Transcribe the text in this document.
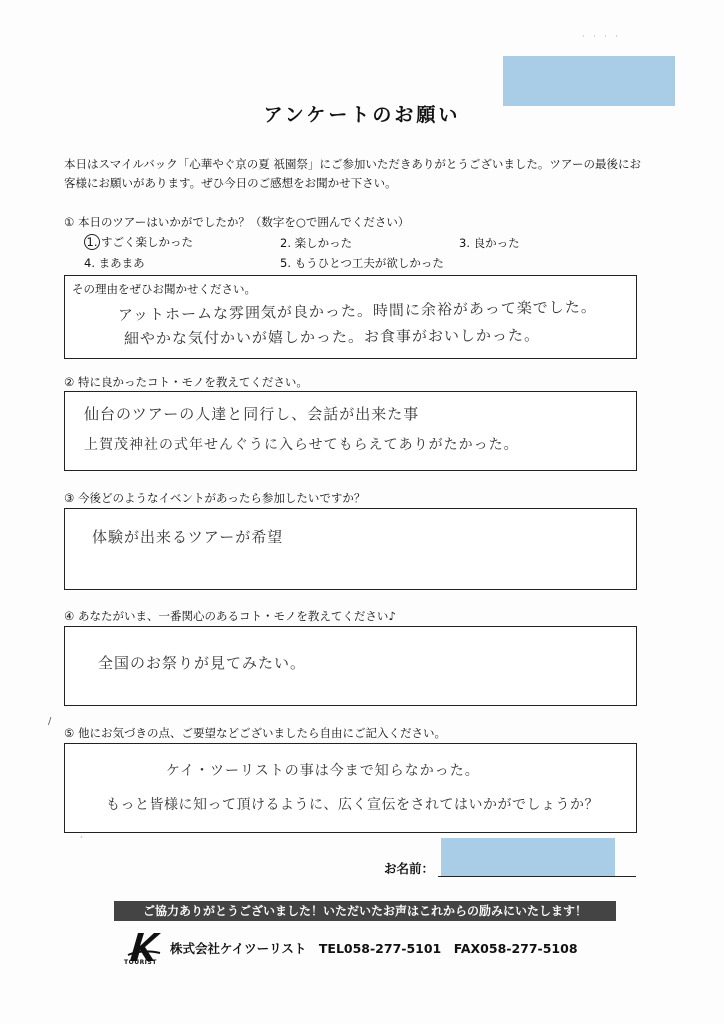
· · · ·
アンケートのお願い
本日はスマイルバック「心華やぐ京の夏 祇園祭」にご参加いただきありがとうございました。ツアーの最後にお
客様にお願いがあります。ぜひ今日のご感想をお聞かせ下さい。
① 本日のツアーはいかがでしたか？（数字を○で囲んでください）
1. すごく楽しかった	2. 楽しかった	3. 良かった
4. まあまあ	5. もうひとつ工夫が欲しかった
その理由をぜひお聞かせください。
アットホームな雰囲気が良かった。時間に余裕があって楽でした。
細やかな気付かいが嬉しかった。お食事がおいしかった。
② 特に良かったコト・モノを教えてください。
仙台のツアーの人達と同行し、会話が出来た事
上賀茂神社の式年せんぐうに入らせてもらえてありがたかった。
③ 今後どのようなイベントがあったら参加したいですか？
体験が出来るツアーが希望
④ あなたがいま、一番関心のあるコト・モノを教えてください♪
全国のお祭りが見てみたい。
/
⑤ 他にお気づきの点、ご要望などございましたら自由にご記入ください。
ケイ・ツーリストの事は今まで知らなかった。
もっと皆様に知って頂けるように、広く宣伝をされてはいかがでしょうか？
·
お名前：
ご協力ありがとうございました！いただいたお声はこれからの励みにいたします！
TOURIST
株式会社ケイツーリスト　TEL058-277-5101　FAX058-277-5108
